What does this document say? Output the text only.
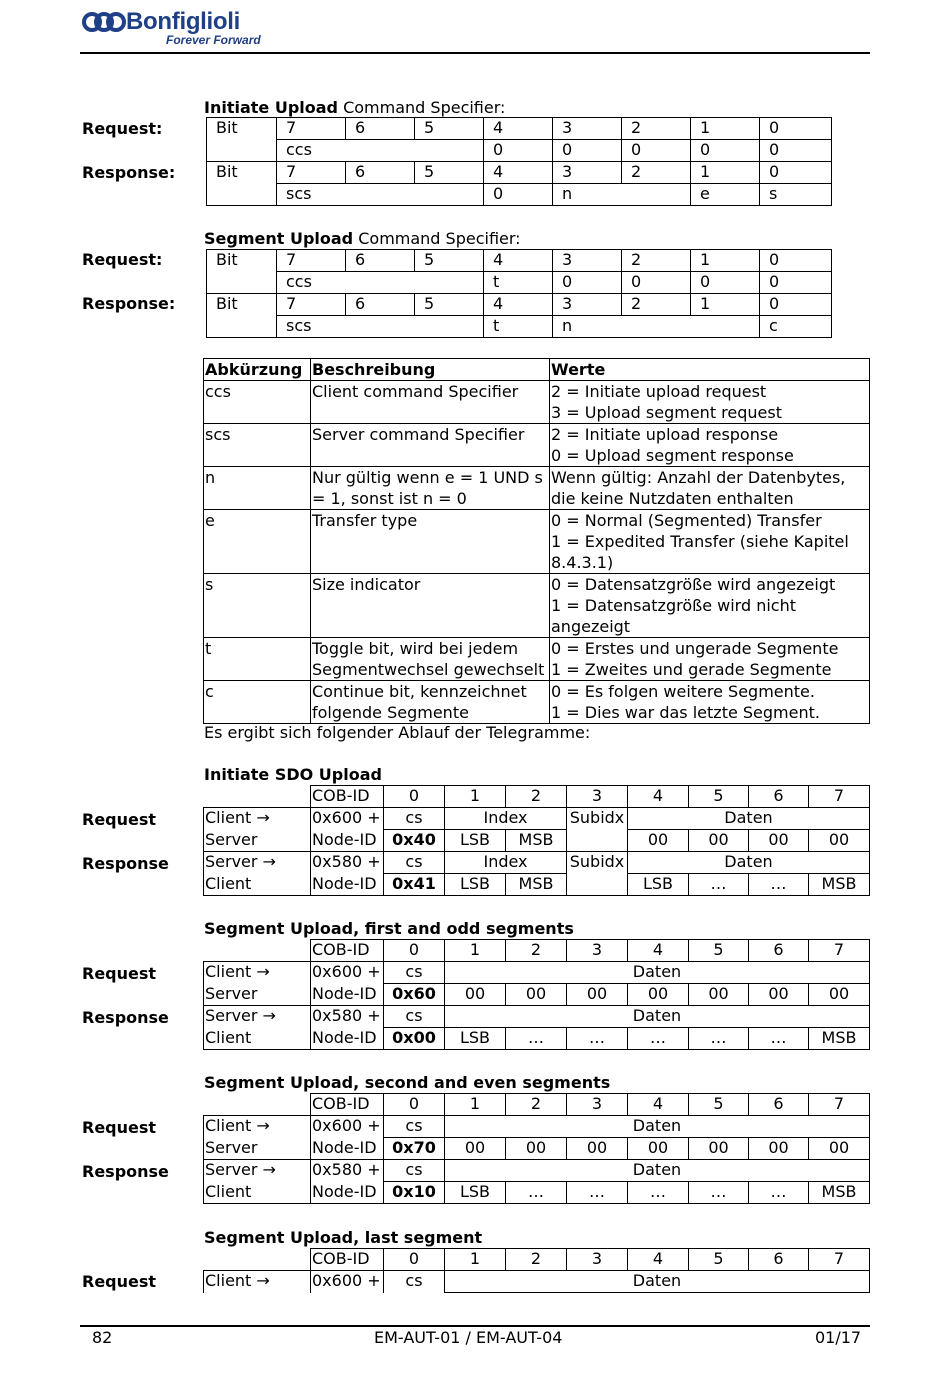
Bonfiglioli
Forever Forward
Initiate Upload Command Specifier:
Request:
Response:
Bit	7	6	5	4	3	2	1	0
	ccs			0	0	0	0	0
Bit	7	6	5	4	3	2	1	0
	scs			0	n		e	s
Segment Upload Command Specifier:
Request:
Response:
Bit	7	6	5	4	3	2	1	0
	ccs			t	0	0	0	0
Bit	7	6	5	4	3	2	1	0
	scs			t	n			c
Abkürzung	Beschreibung	Werte
ccs	Client command Specifier	2 = Initiate upload request
3 = Upload segment request
scs	Server command Specifier	2 = Initiate upload response
0 = Upload segment response
n	Nur gültig wenn e = 1 UND s = 1, sonst ist n = 0	Wenn gültig: Anzahl der Datenbytes, die keine Nutzdaten enthalten
e	Transfer type	0 = Normal (Segmented) Transfer
1 = Expedited Transfer (siehe Kapitel 8.4.3.1)
s	Size indicator	0 = Datensatzgröße wird angezeigt
1 = Datensatzgröße wird nicht angezeigt
t	Toggle bit, wird bei jedem Segmentwechsel gewechselt	0 = Erstes und ungerade Segmente
1 = Zweites und gerade Segmente
c	Continue bit, kennzeichnet folgende Segmente	0 = Es folgen weitere Segmente.
1 = Dies war das letzte Segment.
Es ergibt sich folgender Ablauf der Telegramme:
Initiate SDO Upload
Request
Response
	COB-ID	0	1	2	3	4	5	6	7
Client →	0x600 +	cs	Index		Subidx	Daten			
Server	Node-ID	0x40	LSB	MSB		00	00	00	00
Server →	0x580 +	cs	Index		Subidx	Daten			
Client	Node-ID	0x41	LSB	MSB		LSB	…	…	MSB
Segment Upload, first and odd segments
Request
Response
	COB-ID	0	1	2	3	4	5	6	7
Client →	0x600 +	cs	Daten						
Server	Node-ID	0x60	00	00	00	00	00	00	00
Server →	0x580 +	cs	Daten						
Client	Node-ID	0x00	LSB	…	…	…	…	…	MSB
Segment Upload, second and even segments
Request
Response
	COB-ID	0	1	2	3	4	5	6	7
Client →	0x600 +	cs	Daten						
Server	Node-ID	0x70	00	00	00	00	00	00	00
Server →	0x580 +	cs	Daten						
Client	Node-ID	0x10	LSB	…	…	…	…	…	MSB
Segment Upload, last segment
Request
	COB-ID	0	1	2	3	4	5	6	7
Client →	0x600 +	cs	Daten						
82	EM-AUT-01 / EM-AUT-04	01/17
